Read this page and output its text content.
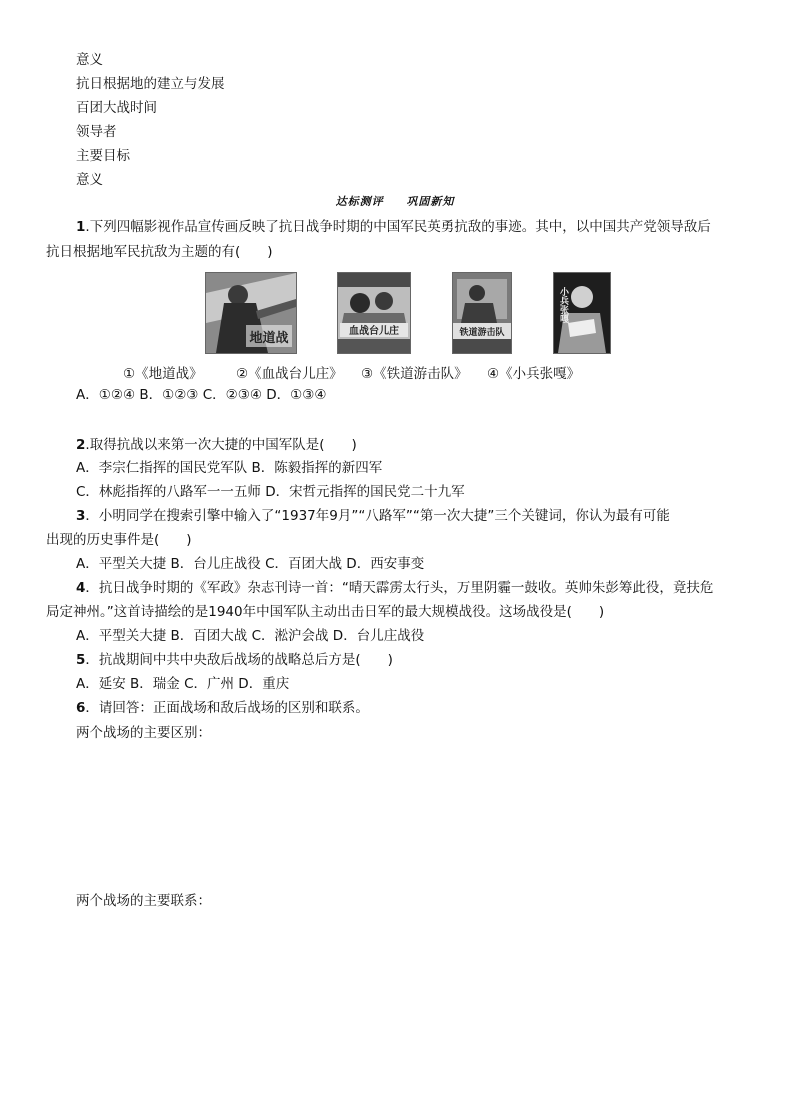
意义
抗日根据地的建立与发展
百团大战时间
领导者
主要目标
意义
达标测评 巩固新知
1.下列四幅影视作品宣传画反映了抗日战争时期的中国军民英勇抗敌的事迹。其中，以中国共产党领导敌后
抗日根据地军民抗敌为主题的有(　　)
地道战	血战台儿庄	铁道游击队
小兵张嘎
①《地道战》 ②《血战台儿庄》 ③《铁道游击队》 ④《小兵张嘎》
A．①②④ B．①②③ C．②③④ D．①③④
2.取得抗战以来第一次大捷的中国军队是(　　)
A．李宗仁指挥的国民党军队 B．陈毅指挥的新四军
C．林彪指挥的八路军一一五师 D．宋哲元指挥的国民党二十九军
3．小明同学在搜索引擎中输入了“1937年9月”“八路军”“第一次大捷”三个关键词，你认为最有可能
出现的历史事件是(　　)
A．平型关大捷 B．台儿庄战役 C．百团大战 D．西安事变
4．抗日战争时期的《军政》杂志刊诗一首：“晴天霹雳太行头，万里阴霾一鼓收。英帅朱彭筹此役，竟扶危
局定神州。”这首诗描绘的是1940年中国军队主动出击日军的最大规模战役。这场战役是(　　)
A．平型关大捷 B．百团大战 C．淞沪会战 D．台儿庄战役
5．抗战期间中共中央敌后战场的战略总后方是(　　)
A．延安 B．瑞金 C．广州 D．重庆
6．请回答：正面战场和敌后战场的区别和联系。
两个战场的主要区别：
两个战场的主要联系：
